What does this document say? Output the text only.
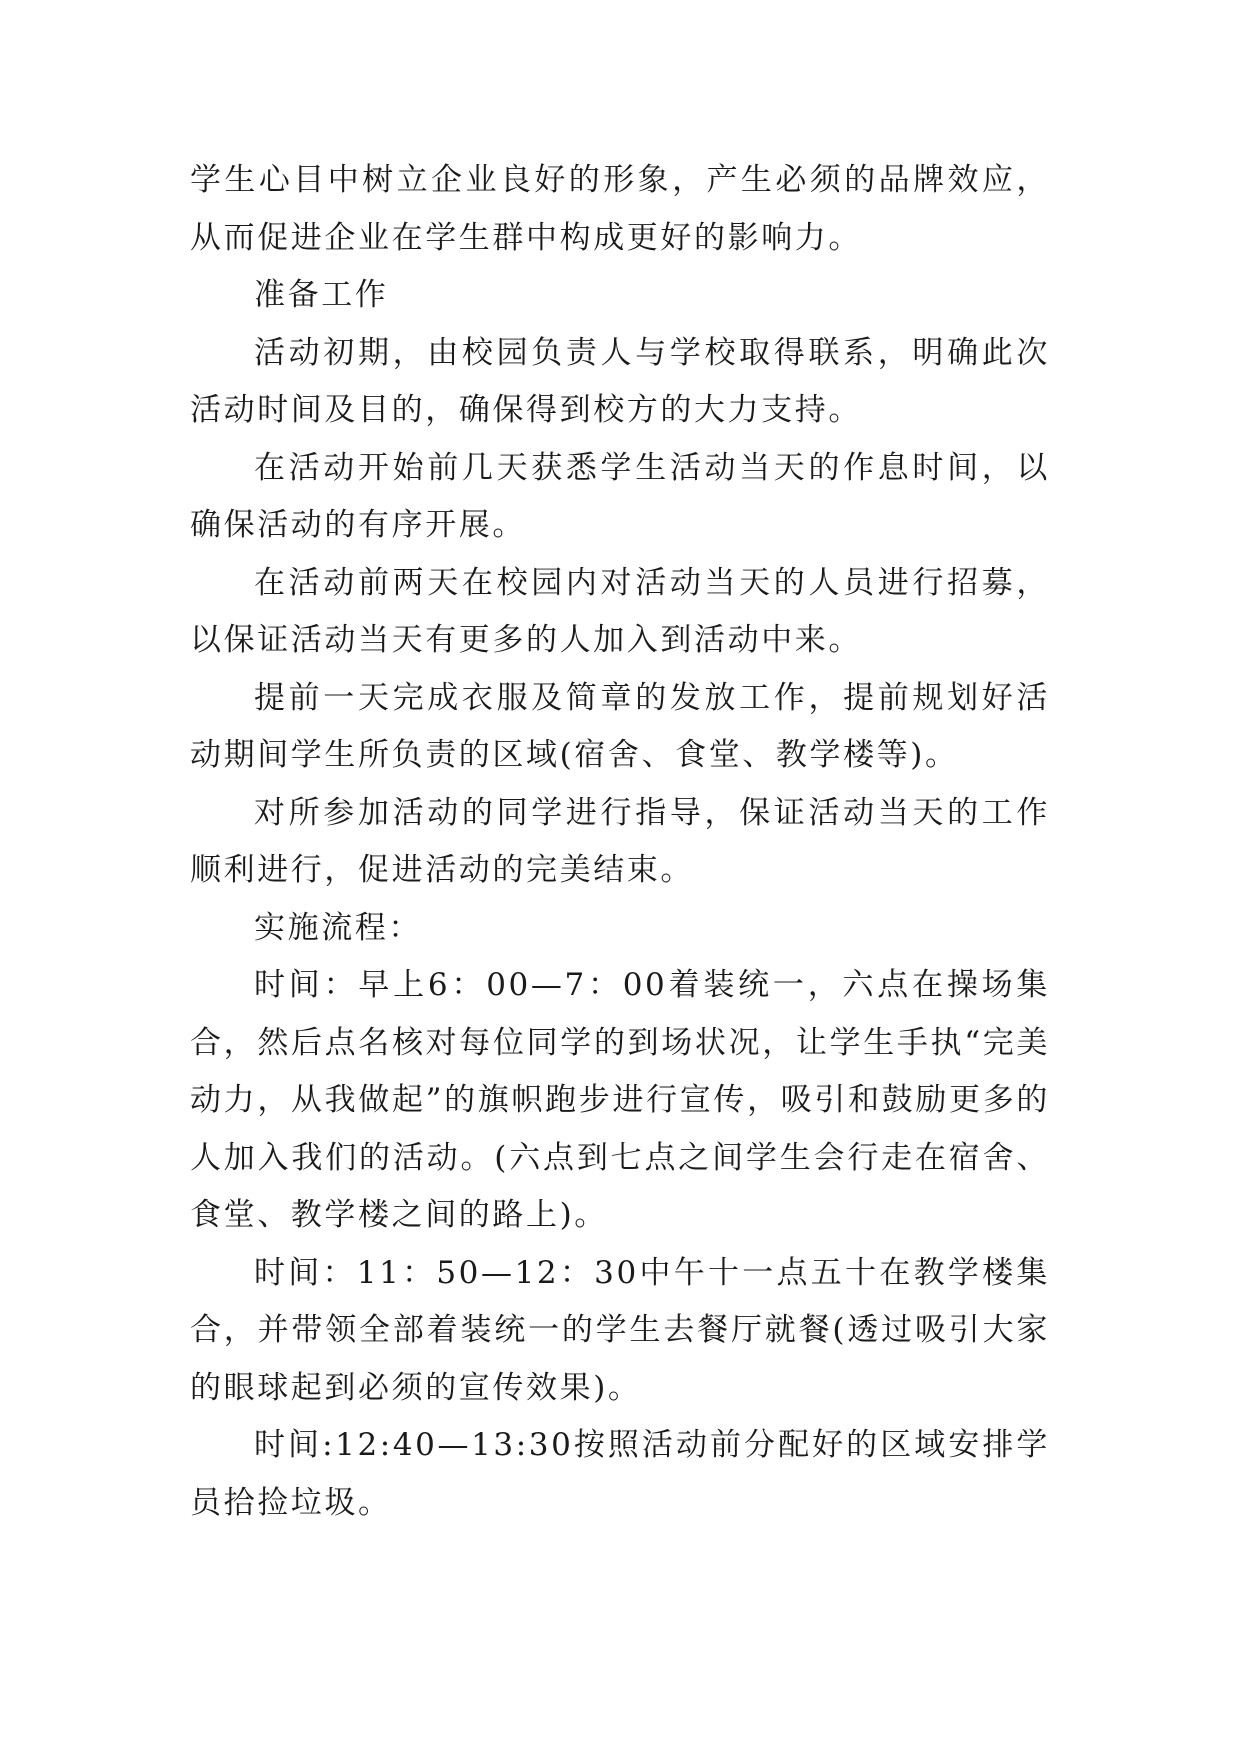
学生心目中树立企业良好的形象，产生必须的品牌效应，从而促进企业在学生群中构成更好的影响力。

准备工作

活动初期，由校园负责人与学校取得联系，明确此次活动时间及目的，确保得到校方的大力支持。

在活动开始前几天获悉学生活动当天的作息时间，以确保活动的有序开展。

在活动前两天在校园内对活动当天的人员进行招募，以保证活动当天有更多的人加入到活动中来。

提前一天完成衣服及简章的发放工作，提前规划好活动期间学生所负责的区域(宿舍、食堂、教学楼等)。

对所参加活动的同学进行指导，保证活动当天的工作顺利进行，促进活动的完美结束。

实施流程：

时间：早上6：00—7：00着装统一，六点在操场集合，然后点名核对每位同学的到场状况，让学生手执“完美动力，从我做起”的旗帜跑步进行宣传，吸引和鼓励更多的人加入我们的活动。(六点到七点之间学生会行走在宿舍、食堂、教学楼之间的路上)。

时间：11：50—12：30中午十一点五十在教学楼集合，并带领全部着装统一的学生去餐厅就餐(透过吸引大家的眼球起到必须的宣传效果)。

时间:12:40—13:30按照活动前分配好的区域安排学员拾捡垃圾。
